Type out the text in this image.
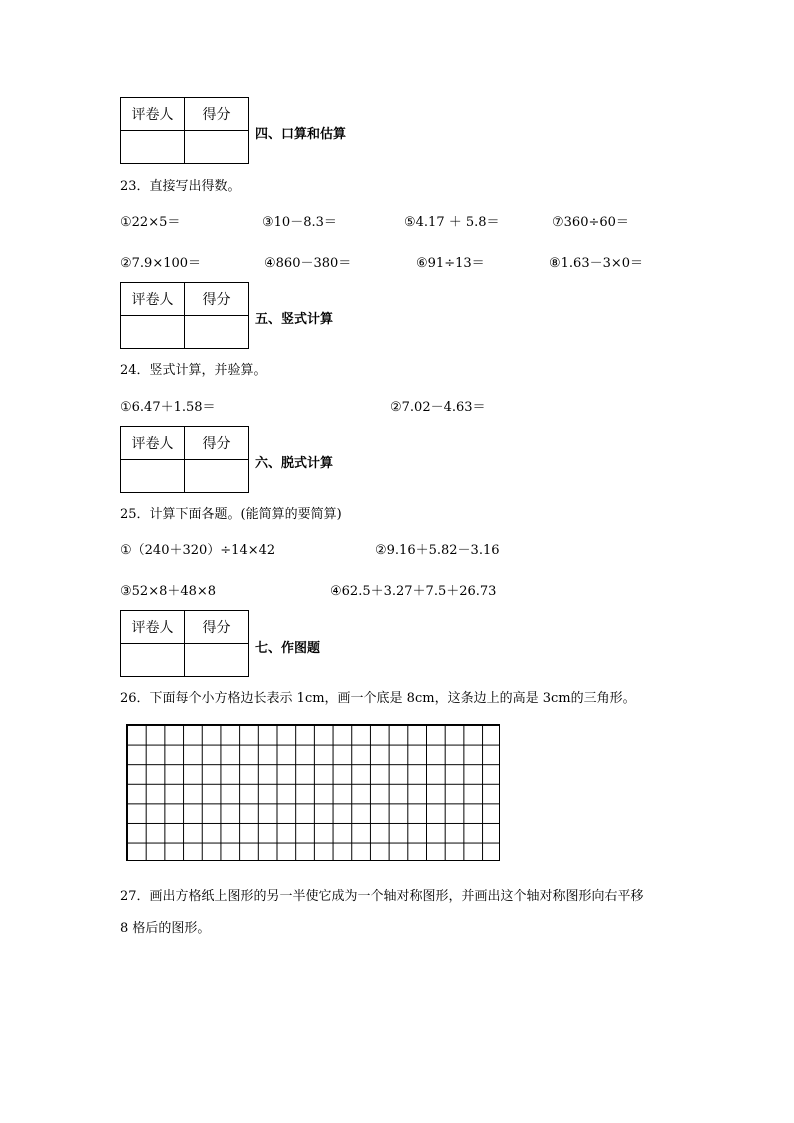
评卷人	得分

四、口算和估算
23．直接写出得数。
①22×5＝	③10－8.3＝	⑤4.17 ＋ 5.8＝	⑦360÷60＝
②7.9×100＝	④860－380＝	⑥91÷13＝	⑧1.63－3×0＝
评卷人	得分

五、竖式计算
24．竖式计算，并验算。
①6.47＋1.58＝	②7.02－4.63＝
评卷人	得分

六、脱式计算
25．计算下面各题。(能简算的要简算)
①（240＋320）÷14×42	②9.16＋5.82－3.16
③52×8＋48×8	④62.5＋3.27＋7.5＋26.73
评卷人	得分

七、作图题
26．下面每个小方格边长表示 1cm，画一个底是 8cm，这条边上的高是 3cm的三角形。
27．画出方格纸上图形的另一半使它成为一个轴对称图形，并画出这个轴对称图形向右平移
8 格后的图形。
